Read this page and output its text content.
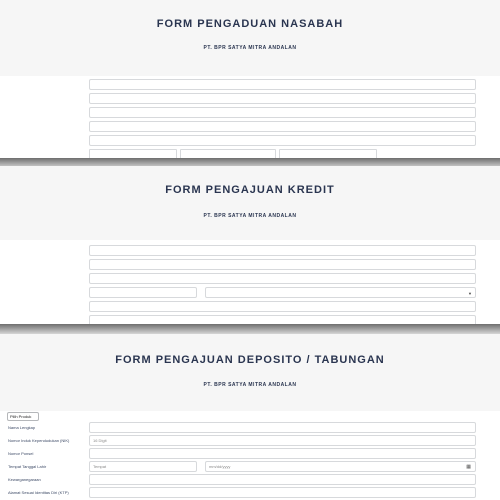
FORM PENGADUAN NASABAH
PT. BPR SATYA MITRA ANDALAN
FORM PENGAJUAN KREDIT
PT. BPR SATYA MITRA ANDALAN
▼
FORM PENGAJUAN DEPOSITO / TABUNGAN
PT. BPR SATYA MITRA ANDALAN
Pilih Produk
Nama Lengkap
Nomor Induk Kependudukan (NIK)	16 Digit
Nomor Ponsel
Tempat Tanggal Lahir	Tempat	mm/dd/yyyy	▦
Kewarganegaraan
Alamat Sesuai Identitas Diri (KTP)
